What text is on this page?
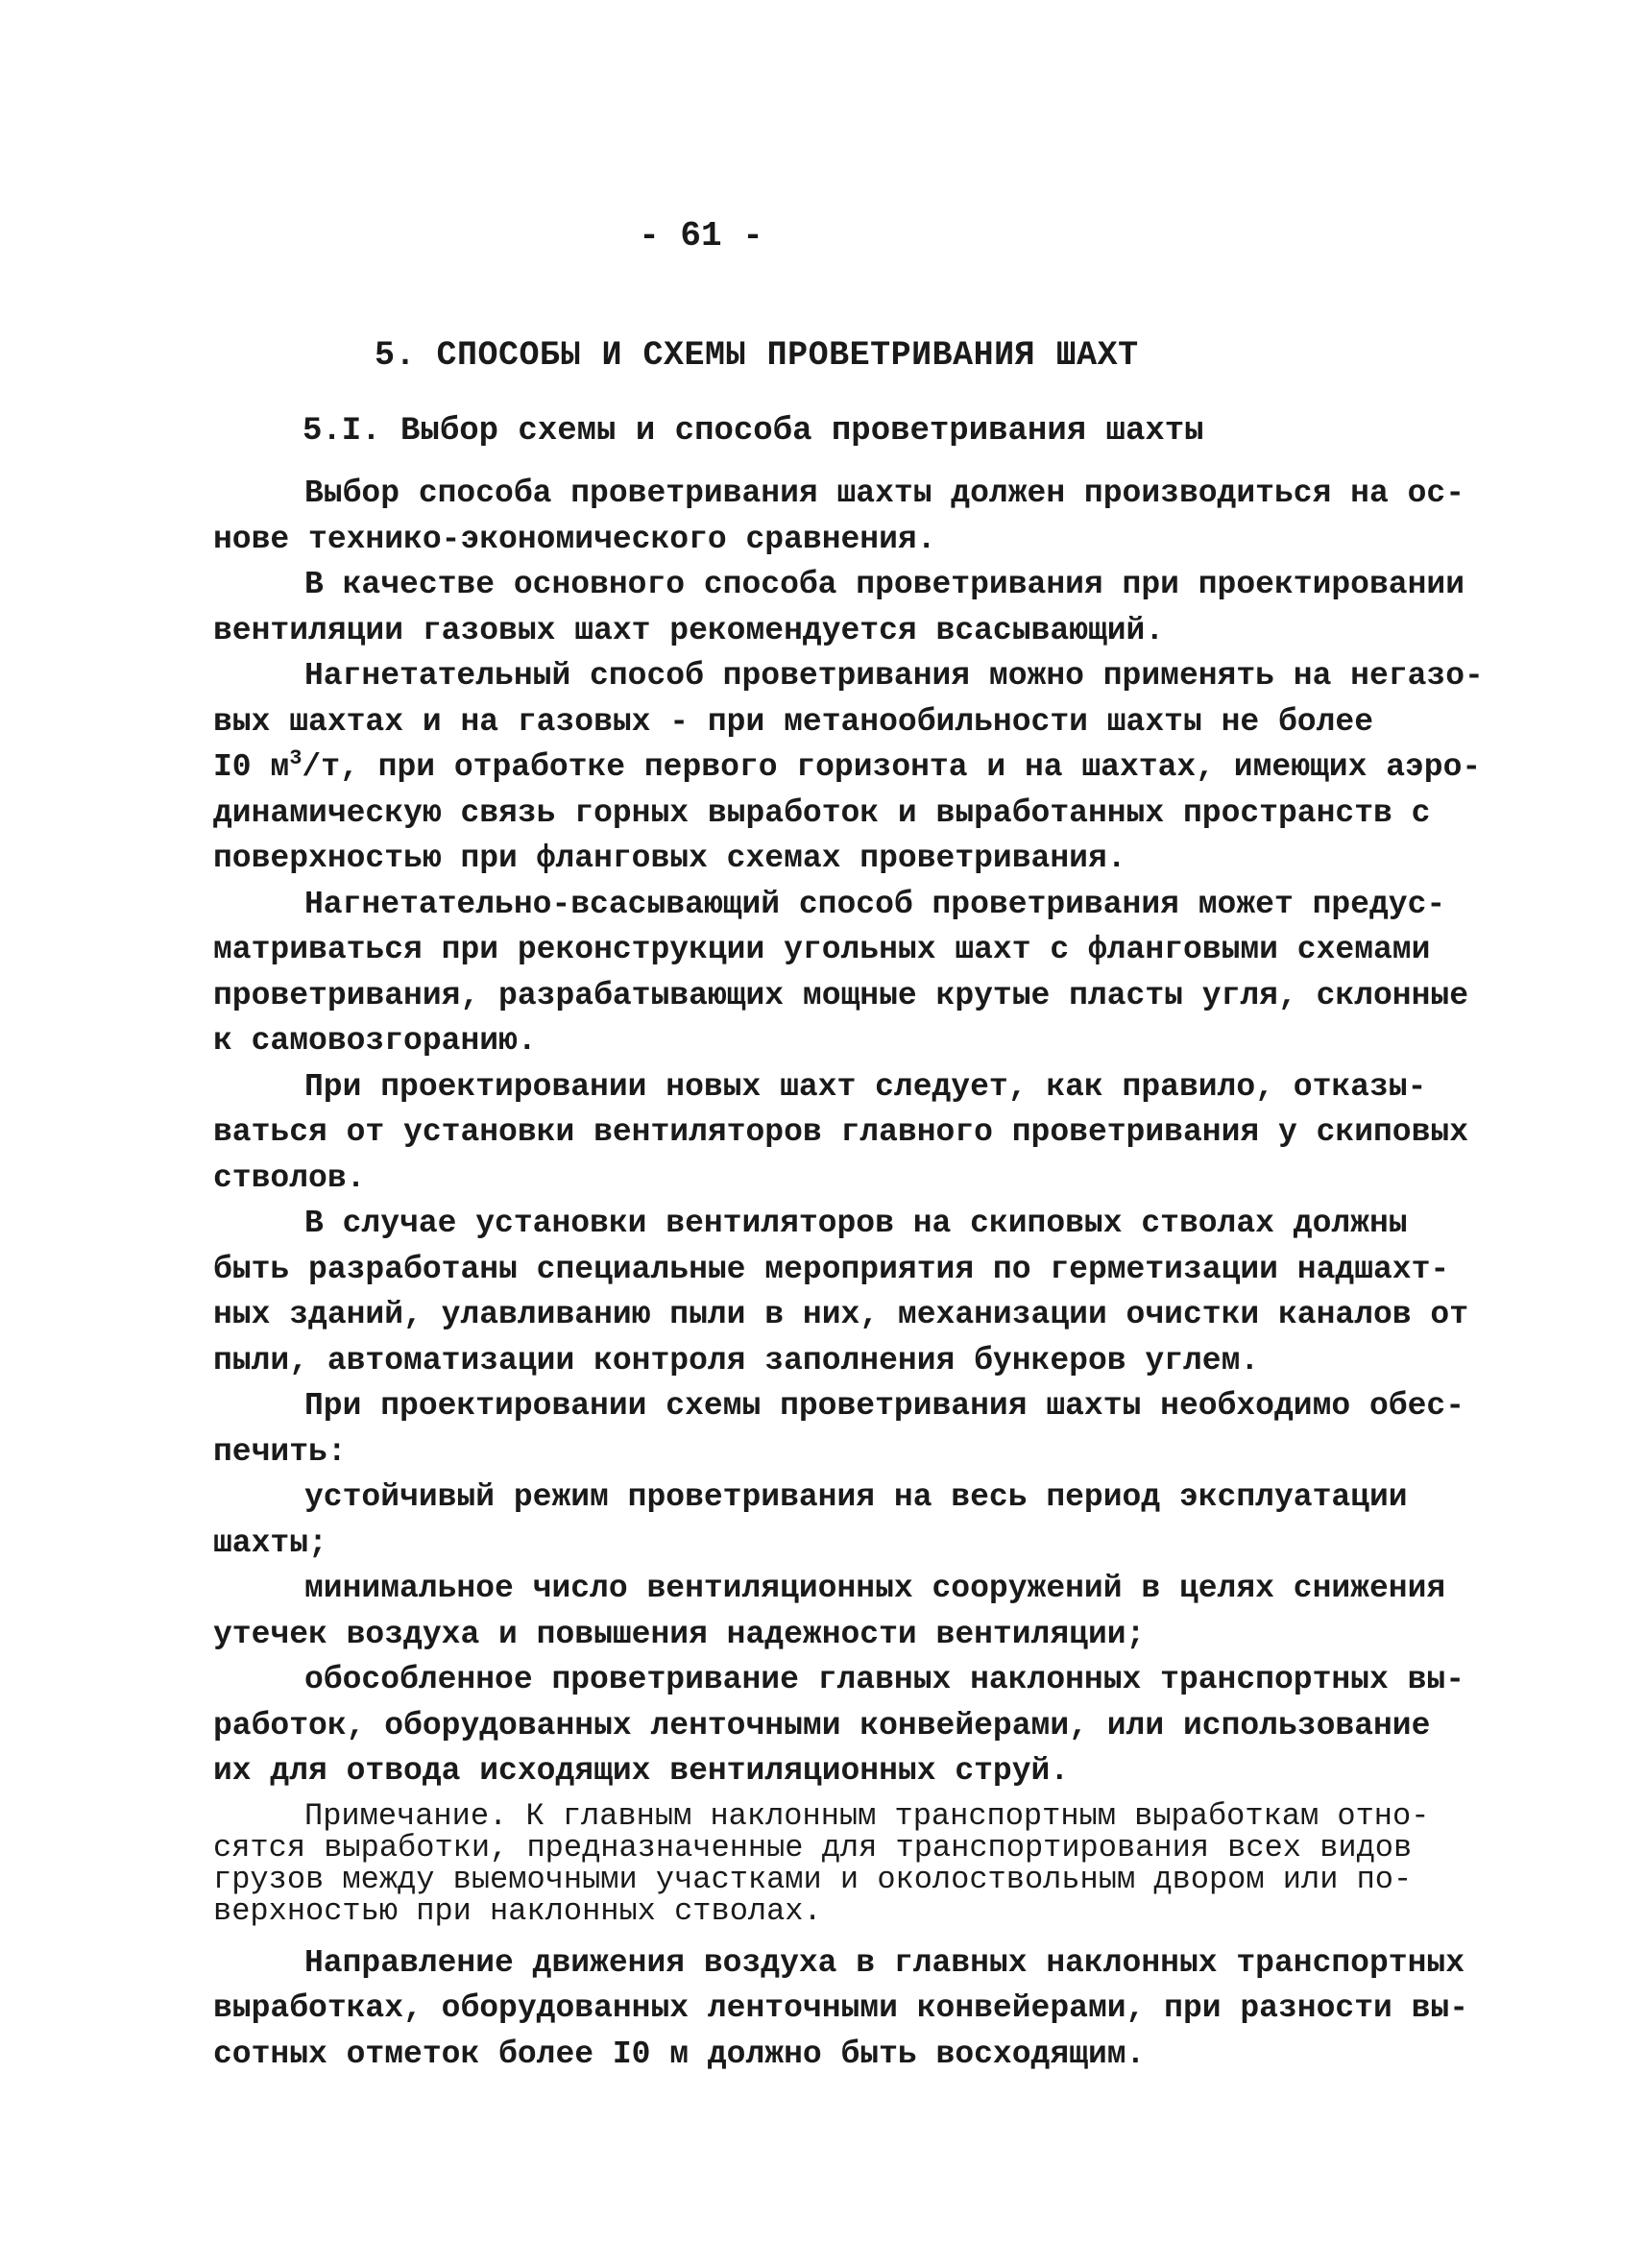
- 61 -
5. СПОСОБЫ И СХЕМЫ ПРОВЕТРИВАНИЯ ШАХТ
5.I. Выбор схемы и способа проветривания шахты
Выбор способа проветривания шахты должен производиться на ос-
нове технико-экономического сравнения.
В качестве основного способа проветривания при проектировании
вентиляции газовых шахт рекомендуется всасывающий.
Нагнетательный способ проветривания можно применять на негазо-
вых шахтах и на газовых - при метанообильности шахты не более
I0 $м^3/т$, при отработке первого горизонта и на шахтах, имеющих аэро-
динамическую связь горных выработок и выработанных пространств с
поверхностью при фланговых схемах проветривания.
Нагнетательно-всасывающий способ проветривания может предус-
матриваться при реконструкции угольных шахт с фланговыми схемами
проветривания, разрабатывающих мощные крутые пласты угля, склонные
к самовозгоранию.
При проектировании новых шахт следует, как правило, отказы-
ваться от установки вентиляторов главного проветривания у скиповых
стволов.
В случае установки вентиляторов на скиповых стволах должны
быть разработаны специальные мероприятия по герметизации надшахт-
ных зданий, улавливанию пыли в них, механизации очистки каналов от
пыли, автоматизации контроля заполнения бункеров углем.
При проектировании схемы проветривания шахты необходимо обес-
печить:
устойчивый режим проветривания на весь период эксплуатации
шахты;
минимальное число вентиляционных сооружений в целях снижения
утечек воздуха и повышения надежности вентиляции;
обособленное проветривание главных наклонных транспортных вы-
работок, оборудованных ленточными конвейерами, или использование
их для отвода исходящих вентиляционных струй.
Примечание. К главным наклонным транспортным выработкам отно-
сятся выработки, предназначенные для транспортирования всех видов
грузов между выемочными участками и околоствольным двором или по-
верхностью при наклонных стволах.
Направление движения воздуха в главных наклонных транспортных
выработках, оборудованных ленточными конвейерами, при разности вы-
сотных отметок более I0 м должно быть восходящим.
